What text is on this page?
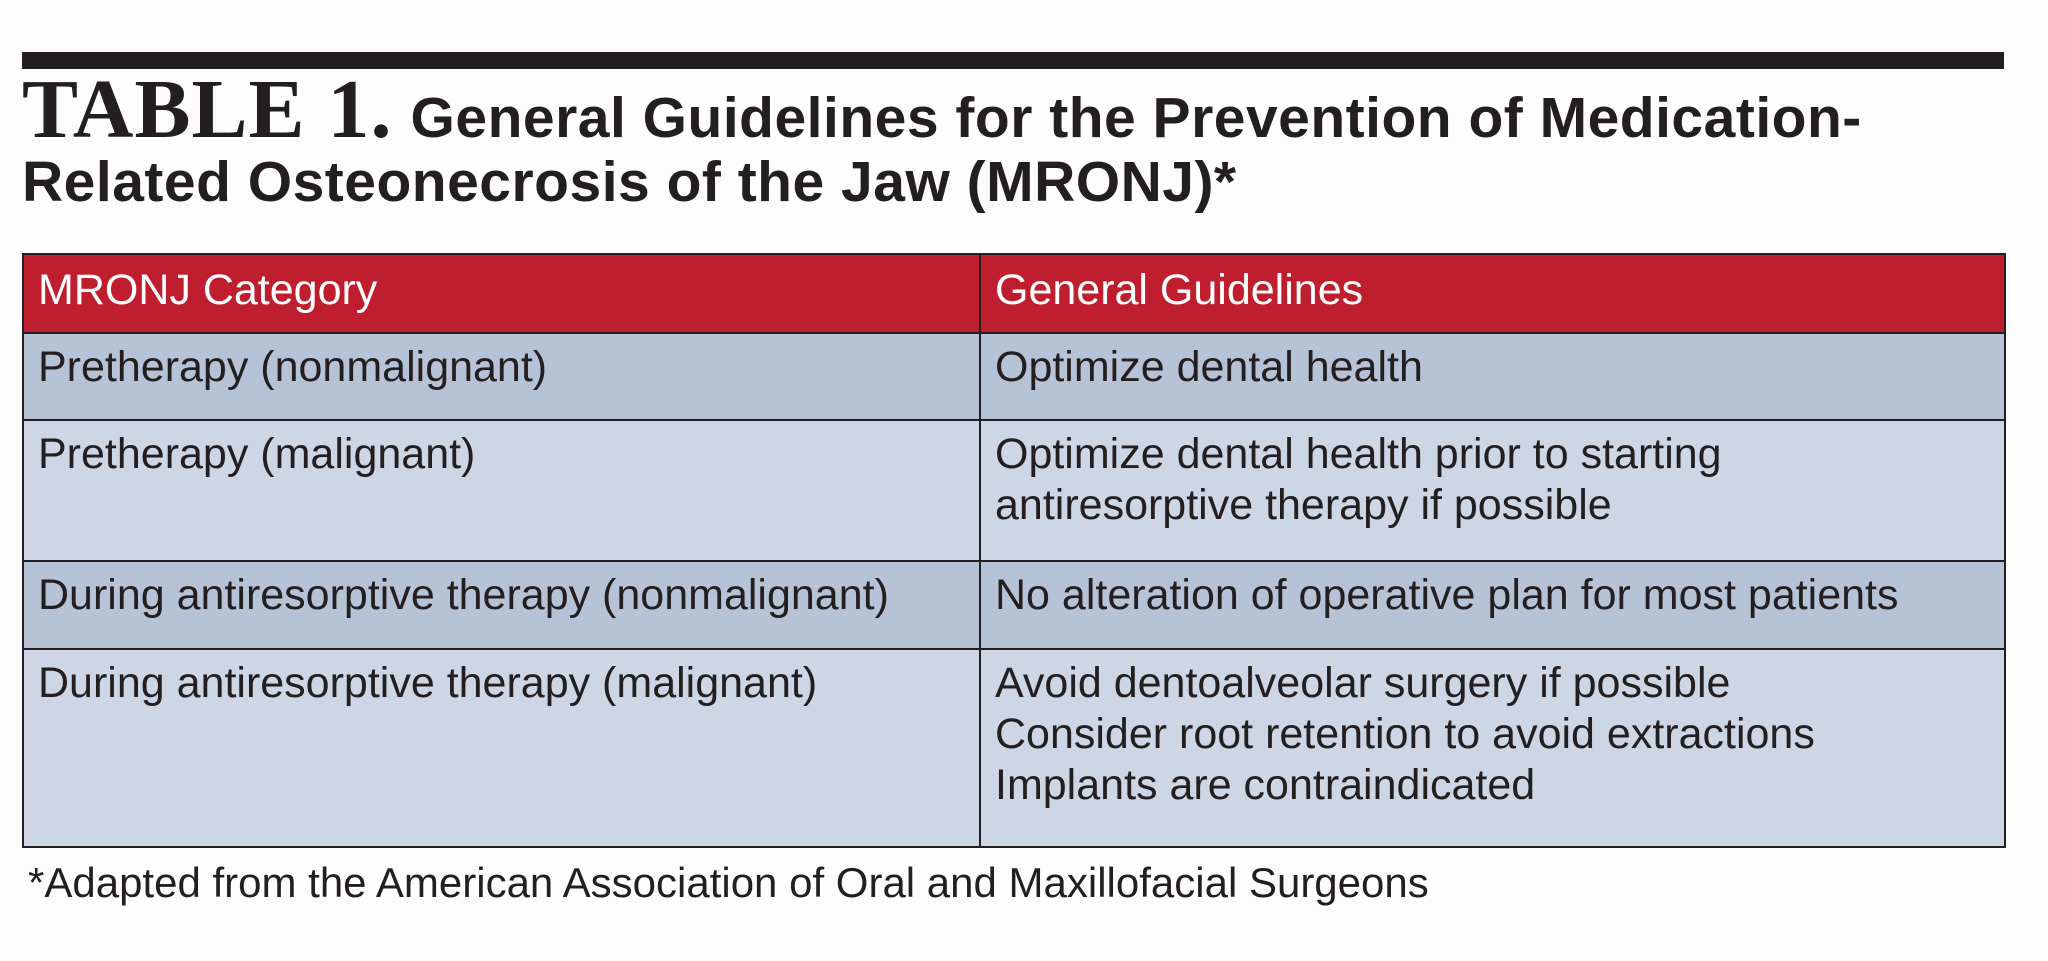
TABLE 1. General Guidelines for the Prevention of Medication-Related Osteonecrosis of the Jaw (MRONJ)*
MRONJ Category	General Guidelines
Pretherapy (nonmalignant)	Optimize dental health

Pretherapy (malignant)	Optimize dental health prior to starting
antiresorptive therapy if possible

During antiresorptive therapy (nonmalignant)	No alteration of operative plan for most patients

During antiresorptive therapy (malignant)	Avoid dentoalveolar surgery if possible
Consider root retention to avoid extractions
Implants are contraindicated
*Adapted from the American Association of Oral and Maxillofacial Surgeons
